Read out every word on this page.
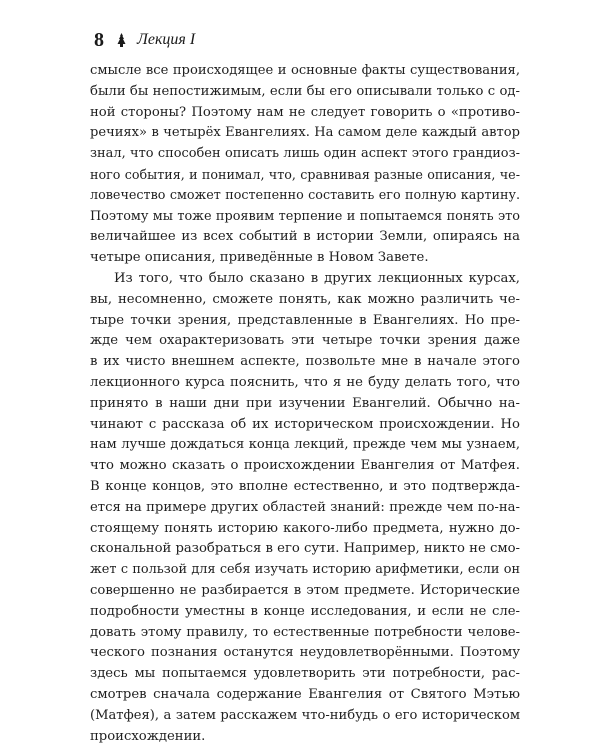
8 Лекция I
смысле все происходящее и основные факты существования,
были бы непостижимым, если бы его описывали только с од-
ной стороны? Поэтому нам не следует говорить о «противо-
речиях» в четырёх Евангелиях. На самом деле каждый автор
знал, что способен описать лишь один аспект этого грандиоз-
ного события, и понимал, что, сравнивая разные описания, че-
ловечество сможет постепенно составить его полную картину.
Поэтому мы тоже проявим терпение и попытаемся понять это
величайшее из всех событий в истории Земли, опираясь на
четыре описания, приведённые в Новом Завете.
Из того, что было сказано в других лекционных курсах,
вы, несомненно, сможете понять, как можно различить че-
тыре точки зрения, представленные в Евангелиях. Но пре-
жде чем охарактеризовать эти четыре точки зрения даже
в их чисто внешнем аспекте, позвольте мне в начале этого
лекционного курса пояснить, что я не буду делать того, что
принято в наши дни при изучении Евангелий. Обычно на-
чинают с рассказа об их историческом происхождении. Но
нам лучше дождаться конца лекций, прежде чем мы узнаем,
что можно сказать о происхождении Евангелия от Матфея.
В конце концов, это вполне естественно, и это подтвержда-
ется на примере других областей знаний: прежде чем по-на-
стоящему понять историю какого-либо предмета, нужно до-
скональной разобраться в его сути. Например, никто не смо-
жет с пользой для себя изучать историю арифметики, если он
совершенно не разбирается в этом предмете. Исторические
подробности уместны в конце исследования, и если не сле-
довать этому правилу, то естественные потребности челове-
ческого познания останутся неудовлетворёнными. Поэтому
здесь мы попытаемся удовлетворить эти потребности, рас-
смотрев сначала содержание Евангелия от Святого Мэтью
(Матфея), а затем расскажем что-нибудь о его историческом
происхождении.
